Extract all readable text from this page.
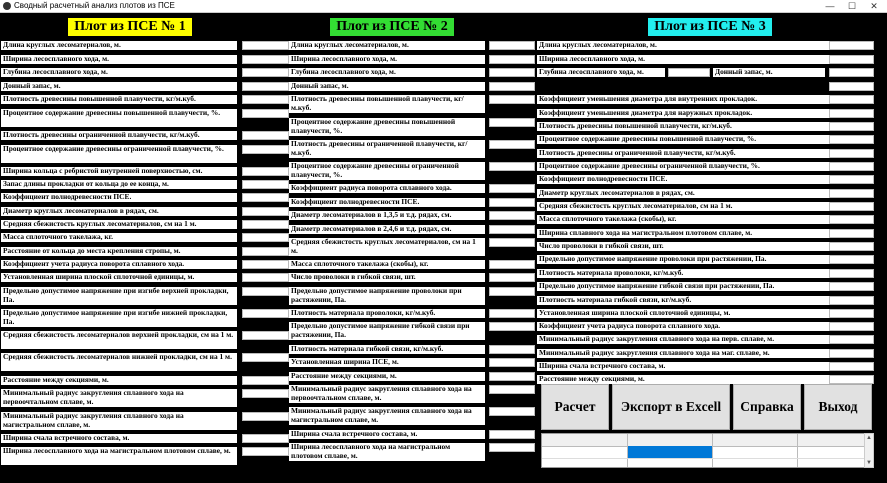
Сводный расчетный анализ плотов из ПСЕ	—	☐	✕
Плот из ПСЕ № 1	Плот из ПСЕ № 2	Плот из ПСЕ № 3
Длина круглых лесоматериалов, м.
Ширина лесосплавного хода, м.
Глубина лесосплавного хода, м.
Донный запас, м.
Плотность древесины повышенной плавучести, кг/м.куб.
Процентное содержание древесины повышенной плавучести, %.
Плотность древесины ограниченной плавучести, кг/м.куб.
Процентное содержание древесины ограниченной плавучести, %.
Ширина кольца с ребристой внутренней поверхностью, см.
Запас длины прокладки от кольца до ее конца, м.
Коэффициент полнодревесности ПСЕ.
Диаметр круглых лесоматериалов в рядах, см.
Средняя сбежистость круглых лесоматериалов, см на 1 м.
Масса сплоточного такелажа, кг.
Расстояние от кольца до места крепления стропы, м.
Коэффициент учета радиуса поворота сплавного хода.
Установленная ширина плоской сплоточной единицы, м.
Предельно допустимое напряжение при изгибе верхней прокладки, Па.
Предельно допустимое напряжение при изгибе нижней прокладки, Па.
Средняя сбежистость лесоматериалов верхней прокладки, см на 1 м.
Средняя сбежистость лесоматериалов нижней прокладки, см на 1 м.
Расстояние между секциями, м.
Минимальный радиус закругления сплавного хода на первоочтальном сплаве, м.
Минимальный радиус закругления сплавного хода на магистральном сплаве, м.
Ширина счала встречного состава, м.
Ширина лесосплавного хода на магистральном плотовом сплаве, м.
Длина круглых лесоматериалов, м.
Ширина лесосплавного хода, м.
Глубина лесосплавного хода, м.
Донный запас, м.
Плотность древесины повышенной плавучести, кг/м.куб.
Процентное содержание древесины повышенной плавучести, %.
Плотность древесины ограниченной плавучести, кг/м.куб.
Процентное содержание древесины ограниченной плавучести, %.
Коэффициент радиуса поворота сплавного хода.
Коэффициент полнодревесности ПСЕ.
Диаметр лесоматериалов в 1,3,5 и т.д. рядах, см.
Диаметр лесоматериалов в 2,4,6 и т.д. рядах, см.
Средняя сбежистость круглых лесоматериалов, см на 1 м.
Масса сплоточного такелажа (скобы), кг.
Число проволоки в гибкой связи, шт.
Предельно допустимое напряжение проволоки при растяжении, Па.
Плотность материала проволоки, кг/м.куб.
Предельно допустимое напряжение гибкой связи при растяжении, Па.
Плотность материала гибкой связи, кг/м.куб.
Установленная ширина ПСЕ, м.
Расстояние между секциями, м.
Минимальный радиус закругления сплавного хода на первоочтальном сплаве, м.
Минимальный радиус закругления сплавного хода на магистральном сплаве, м.
Ширина счала встречного состава, м.
Ширина лесосплавного хода на магистральном плотовом сплаве, м.
Длина круглых лесоматериалов, м.
Ширина лесосплавного хода, м.
Глубина лесосплавного хода, м.	Донный запас, м.
Коэффициент уменьшения диаметра для внутренних прокладок.
Коэффициент уменьшения диаметра для наружных прокладок.
Плотность древесины повышенной плавучести, кг/м.куб.
Процентное содержание древесины повышенной плавучести, %.
Плотность древесины ограниченной плавучести, кг/м.куб.
Процентное содержание древесины ограниченной плавучести, %.
Коэффициент полнодревесности ПСЕ.
Диаметр круглых лесоматериалов в рядах, см.
Средняя сбежистость круглых лесоматериалов, см на 1 м.
Масса сплоточного такелажа (скобы), кг.
Ширина сплавного хода на магистральном плотовом сплаве, м.
Число проволоки в гибкой связи, шт.
Предельно допустимое напряжение проволоки при растяжении, Па.
Плотность материала проволоки, кг/м.куб.
Предельно допустимое напряжение гибкой связи при растяжении, Па.
Плотность материала гибкой связи, кг/м.куб.
Установленная ширина плоской сплоточной единицы, м.
Коэффициент учета радиуса поворота сплавного хода.
Минимальный радиус закругления сплавного хода на перв. сплаве, м.
Минимальный радиус закругления сплавного хода на маг. сплаве, м.
Ширина счала встречного состава, м.
Расстояние между секциями, м.
Расчет	Экспорт в Excell	Справка	Выход
▲
▼
